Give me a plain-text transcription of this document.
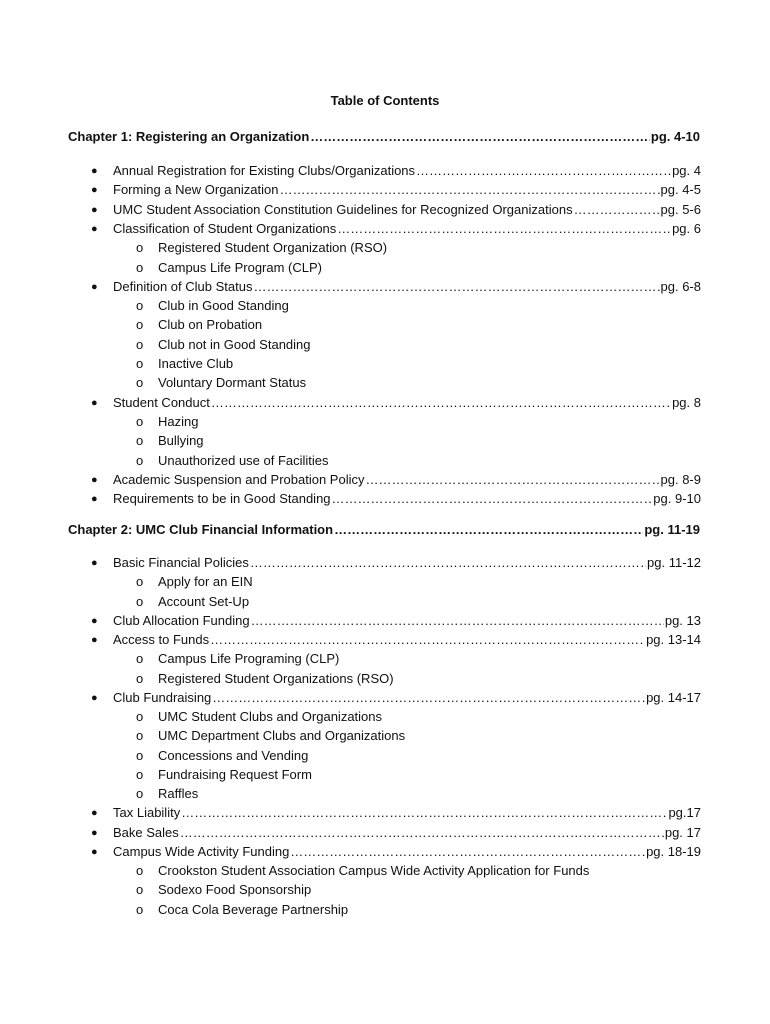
Table of Contents
Chapter 1: Registering an Organization …………………………………………………………………………………………………………………………………………………………………………………………………	pg. 4-10
● Annual Registration for Existing Clubs/Organizations …………………………………………………………………………………………………………………………………………………………………………………………………	pg. 4
● Forming a New Organization …………………………………………………………………………………………………………………………………………………………………………………………………	pg. 4-5
● UMC Student Association Constitution Guidelines for Recognized Organizations …………………………………………………………………………………………………………………………………………………………………………………………………	pg. 5-6
● Classification of Student Organizations …………………………………………………………………………………………………………………………………………………………………………………………………	pg. 6
o Registered Student Organization (RSO)
o Campus Life Program (CLP)
● Definition of Club Status …………………………………………………………………………………………………………………………………………………………………………………………………	pg. 6-8
o Club in Good Standing
o Club on Probation
o Club not in Good Standing
o Inactive Club
o Voluntary Dormant Status
● Student Conduct …………………………………………………………………………………………………………………………………………………………………………………………………	pg. 8
o Hazing
o Bullying
o Unauthorized use of Facilities
● Academic Suspension and Probation Policy …………………………………………………………………………………………………………………………………………………………………………………………………	pg. 8-9
● Requirements to be in Good Standing …………………………………………………………………………………………………………………………………………………………………………………………………	pg. 9-10
Chapter 2: UMC Club Financial Information …………………………………………………………………………………………………………………………………………………………………………………………………	pg. 11-19
● Basic Financial Policies …………………………………………………………………………………………………………………………………………………………………………………………………	pg. 11-12
o Apply for an EIN
o Account Set-Up
● Club Allocation Funding …………………………………………………………………………………………………………………………………………………………………………………………………	pg. 13
● Access to Funds …………………………………………………………………………………………………………………………………………………………………………………………………	pg. 13-14
o Campus Life Programing (CLP)
o Registered Student Organizations (RSO)
● Club Fundraising …………………………………………………………………………………………………………………………………………………………………………………………………	pg. 14-17
o UMC Student Clubs and Organizations
o UMC Department Clubs and Organizations
o Concessions and Vending
o Fundraising Request Form
o Raffles
● Tax Liability …………………………………………………………………………………………………………………………………………………………………………………………………	pg.17
● Bake Sales …………………………………………………………………………………………………………………………………………………………………………………………………	pg. 17
● Campus Wide Activity Funding …………………………………………………………………………………………………………………………………………………………………………………………………	pg. 18-19
o Crookston Student Association Campus Wide Activity Application for Funds
o Sodexo Food Sponsorship
o Coca Cola Beverage Partnership
